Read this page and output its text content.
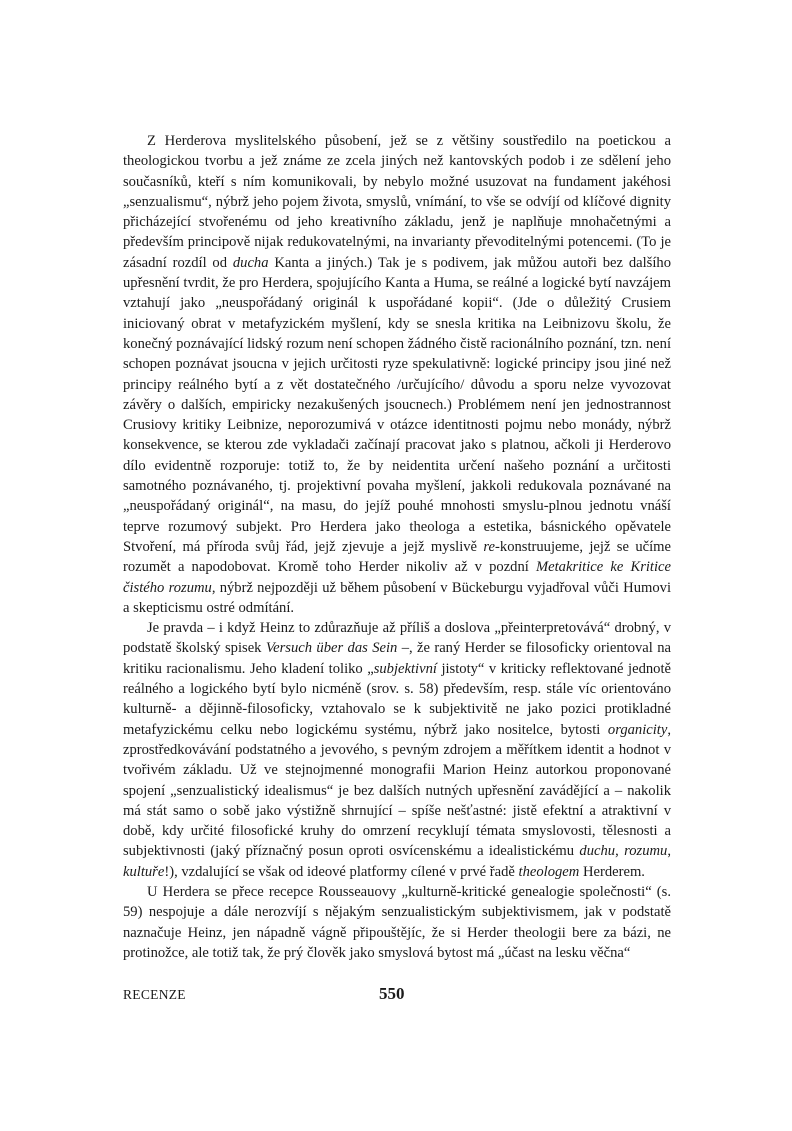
Z Herderova myslitelského působení, jež se z většiny soustředilo na poetickou a theologickou tvorbu a jež známe ze zcela jiných než kantovských podob i ze sdělení jeho současníků, kteří s ním komunikovali, by nebylo možné usuzovat na fundament jakéhosi „senzualismu“, nýbrž jeho pojem života, smyslů, vnímání, to vše se odvíjí od klíčové dignity přicházející stvořenému od jeho kreativního základu, jenž je naplňuje mnohačetnými a především principově nijak redukovatelnými, na invarianty převoditelnými potencemi. (To je zásadní rozdíl od ducha Kanta a jiných.) Tak je s podivem, jak můžou autoři bez dalšího upřesnění tvrdit, že pro Herdera, spojujícího Kanta a Huma, se reálné a logické bytí navzájem vztahují jako „neuspořádaný originál k uspořádané kopii“. (Jde o důležitý Crusiem iniciovaný obrat v metafyzickém myšlení, kdy se snesla kritika na Leibnizovu školu, že konečný poznávající lidský rozum není schopen žádného čistě racionálního poznání, tzn. není schopen poznávat jsoucna v jejich určitosti ryze spekulativně: logické principy jsou jiné než principy reálného bytí a z vět dostatečného /určujícího/ důvodu a sporu nelze vyvozovat závěry o dalších, empiricky nezakušených jsoucnech.) Problémem není jen jednostrannost Crusiovy kritiky Leibnize, neporozumivá v otázce identitnosti pojmu nebo monády, nýbrž konsekvence, se kterou zde vykladači začínají pracovat jako s platnou, ačkoli ji Herderovo dílo evidentně rozporuje: totiž to, že by neidentita určení našeho poznání a určitosti samotného poznávaného, tj. projektivní povaha myšlení, jakkoli redukovala poznávané na „neuspořádaný originál“, na masu, do jejíž pouhé mnohosti smyslu-plnou jednotu vnáší teprve rozumový subjekt. Pro Herdera jako theologa a estetika, básnického opěvatele Stvoření, má příroda svůj řád, jejž zjevuje a jejž myslivě re-konstruujeme, jejž se učíme rozumět a napodobovat. Kromě toho Herder nikoliv až v pozdní Metakritice ke Kritice čistého rozumu, nýbrž nejpozději už během působení v Bückeburgu vyjadřoval vůči Humovi a skepticismu ostré odmítání.

Je pravda – i když Heinz to zdůrazňuje až příliš a doslova „přeinterpretovává“ drobný, v podstatě školský spisek Versuch über das Sein –, že raný Herder se filosoficky orientoval na kritiku racionalismu. Jeho kladení toliko „subjektivní jistoty“ v kriticky reflektované jednotě reálného a logického bytí bylo nicméně (srov. s. 58) především, resp. stále víc orientováno kulturně- a dějinně-filosoficky, vztahovalo se k subjektivitě ne jako pozici protikladné metafyzickému celku nebo logickému systému, nýbrž jako nositelce, bytosti organicity, zprostředkovávání podstatného a jevového, s pevným zdrojem a měřítkem identit a hodnot v tvořivém základu. Už ve stejnojmenné monografii Marion Heinz autorkou proponované spojení „senzualistický idealismus“ je bez dalších nutných upřesnění zavádějící a – nakolik má stát samo o sobě jako výstižně shrnující – spíše nešťastné: jistě efektní a atraktivní v době, kdy určité filosofické kruhy do omrzení recyklují témata smyslovosti, tělesnosti a subjektivnosti (jaký příznačný posun oproti osvícenskému a idealistickému duchu, rozumu, kultuře!), vzdalující se však od ideové platformy cílené v prvé řadě theologem Herderem.

U Herdera se přece recepce Rousseauovy „kulturně-kritické genealogie společnosti“ (s. 59) nespojuje a dále nerozvíjí s nějakým senzualistickým subjektivismem, jak v podstatě naznačuje Heinz, jen nápadně vágně připouštějíc, že si Herder theologii bere za bázi, ne protinožce, ale totiž tak, že prý člověk jako smyslová bytost má „účast na lesku věčna“

RECENZE	550
